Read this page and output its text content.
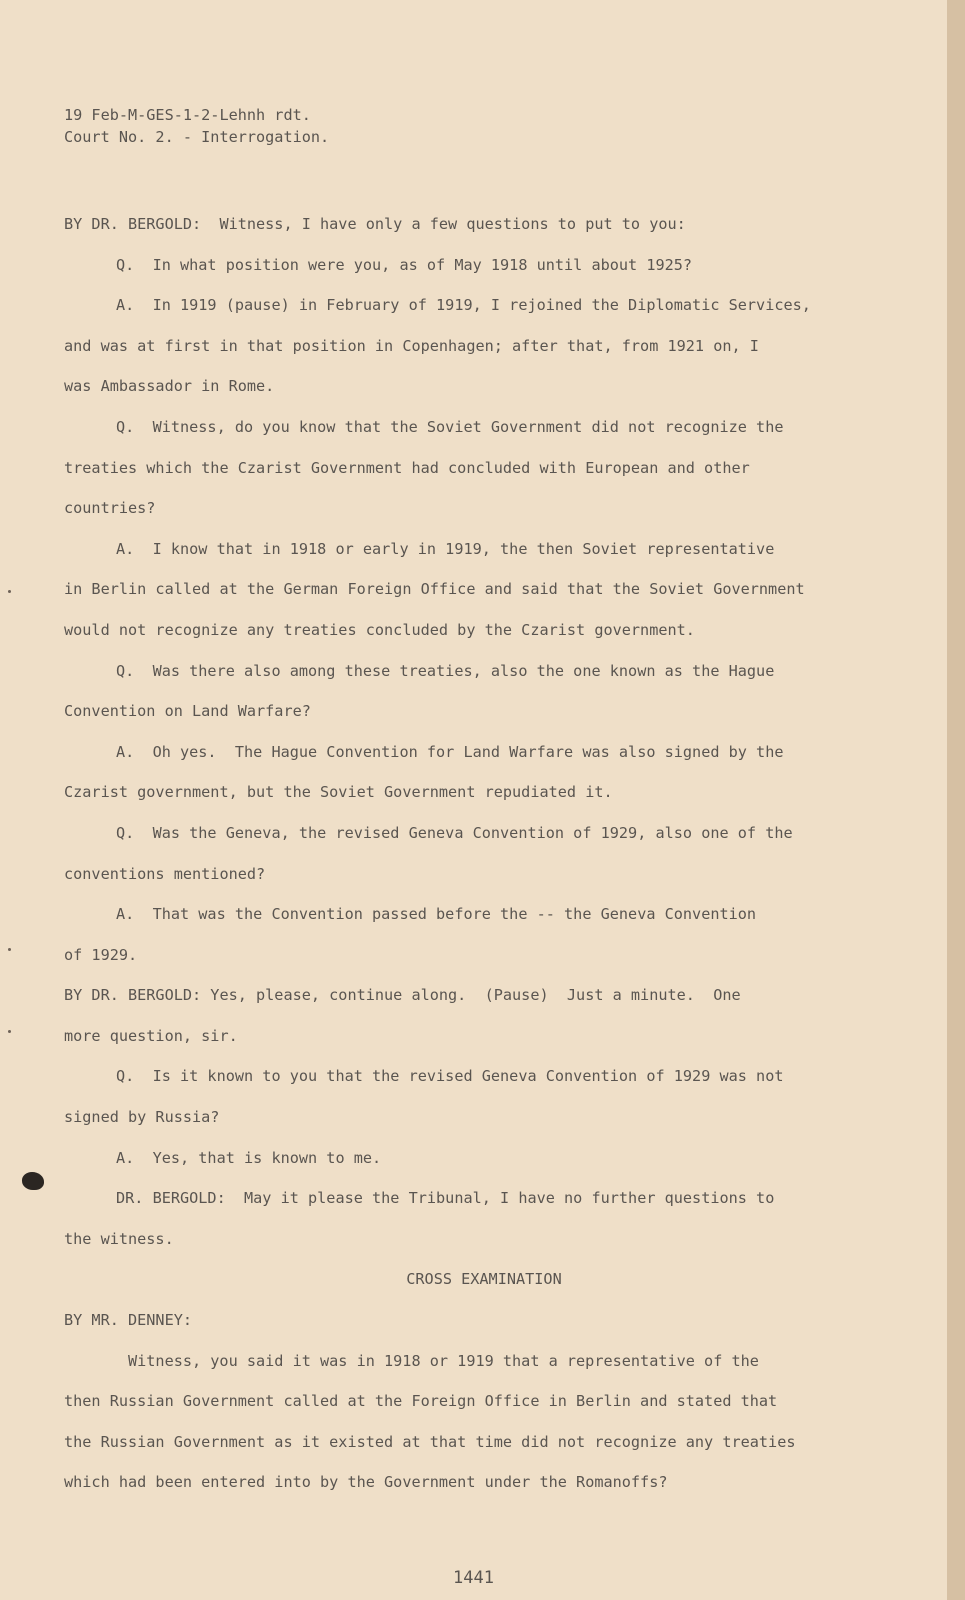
19 Feb-M-GES-1-2-Lehnh rdt.
Court No. 2. - Interrogation.
BY DR. BERGOLD:  Witness, I have only a few questions to put to you:
Q.  In what position were you, as of May 1918 until about 1925?
A.  In 1919 (pause) in February of 1919, I rejoined the Diplomatic Services,
and was at first in that position in Copenhagen; after that, from 1921 on, I
was Ambassador in Rome.
Q.  Witness, do you know that the Soviet Government did not recognize the
treaties which the Czarist Government had concluded with European and other
countries?
A.  I know that in 1918 or early in 1919, the then Soviet representative
in Berlin called at the German Foreign Office and said that the Soviet Government
would not recognize any treaties concluded by the Czarist government.
Q.  Was there also among these treaties, also the one known as the Hague
Convention on Land Warfare?
A.  Oh yes.  The Hague Convention for Land Warfare was also signed by the
Czarist government, but the Soviet Government repudiated it.
Q.  Was the Geneva, the revised Geneva Convention of 1929, also one of the
conventions mentioned?
A.  That was the Convention passed before the -- the Geneva Convention
of 1929.
BY DR. BERGOLD: Yes, please, continue along.  (Pause)  Just a minute.  One
more question, sir.
Q.  Is it known to you that the revised Geneva Convention of 1929 was not
signed by Russia?
A.  Yes, that is known to me.
DR. BERGOLD:  May it please the Tribunal, I have no further questions to
the witness.
CROSS EXAMINATION
BY MR. DENNEY:
Witness, you said it was in 1918 or 1919 that a representative of the
then Russian Government called at the Foreign Office in Berlin and stated that
the Russian Government as it existed at that time did not recognize any treaties
which had been entered into by the Government under the Romanoffs?
1441
